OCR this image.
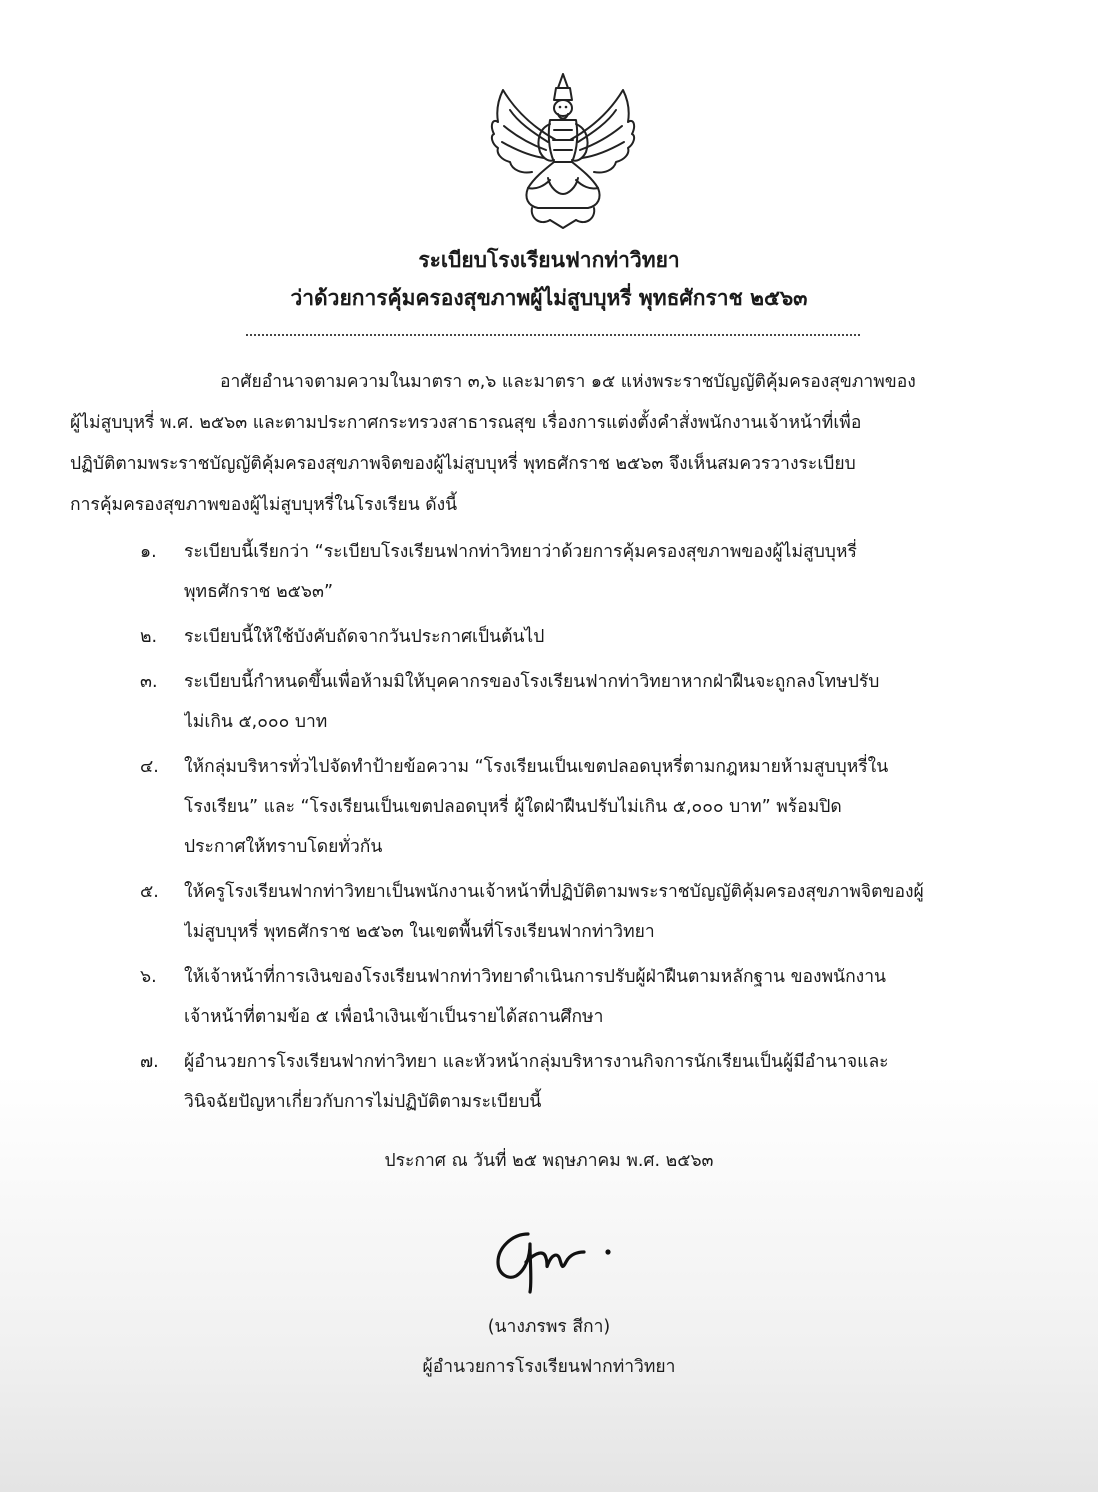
ระเบียบโรงเรียนฟากท่าวิทยา
ว่าด้วยการคุ้มครองสุขภาพผู้ไม่สูบบุหรี่ พุทธศักราช ๒๕๖๓
อาศัยอำนาจตามความในมาตรา ๓,๖ และมาตรา ๑๕ แห่งพระราชบัญญัติคุ้มครองสุขภาพของ
ผู้ไม่สูบบุหรี่ พ.ศ. ๒๕๖๓ และตามประกาศกระทรวงสาธารณสุข เรื่องการแต่งตั้งคำสั่งพนักงานเจ้าหน้าที่เพื่อ
ปฏิบัติตามพระราชบัญญัติคุ้มครองสุขภาพจิตของผู้ไม่สูบบุหรี่ พุทธศักราช ๒๕๖๓ จึงเห็นสมควรวางระเบียบ
การคุ้มครองสุขภาพของผู้ไม่สูบบุหรี่ในโรงเรียน ดังนี้
๑. ระเบียบนี้เรียกว่า “ระเบียบโรงเรียนฟากท่าวิทยาว่าด้วยการคุ้มครองสุขภาพของผู้ไม่สูบบุหรี่
พุทธศักราช ๒๕๖๓”
๒. ระเบียบนี้ให้ใช้บังคับถัดจากวันประกาศเป็นต้นไป
๓. ระเบียบนี้กำหนดขึ้นเพื่อห้ามมิให้บุคคากรของโรงเรียนฟากท่าวิทยาหากฝ่าฝืนจะถูกลงโทษปรับ
ไม่เกิน ๕,๐๐๐ บาท
๔. ให้กลุ่มบริหารทั่วไปจัดทำป้ายข้อความ “โรงเรียนเป็นเขตปลอดบุหรี่ตามกฎหมายห้ามสูบบุหรี่ใน
โรงเรียน” และ “โรงเรียนเป็นเขตปลอดบุหรี่ ผู้ใดฝ่าฝืนปรับไม่เกิน ๕,๐๐๐ บาท” พร้อมปิด
ประกาศให้ทราบโดยทั่วกัน
๕. ให้ครูโรงเรียนฟากท่าวิทยาเป็นพนักงานเจ้าหน้าที่ปฏิบัติตามพระราชบัญญัติคุ้มครองสุขภาพจิตของผู้
ไม่สูบบุหรี่ พุทธศักราช ๒๕๖๓ ในเขตพื้นที่โรงเรียนฟากท่าวิทยา
๖. ให้เจ้าหน้าที่การเงินของโรงเรียนฟากท่าวิทยาดำเนินการปรับผู้ฝ่าฝืนตามหลักฐาน ของพนักงาน
เจ้าหน้าที่ตามข้อ ๕ เพื่อนำเงินเข้าเป็นรายได้สถานศึกษา
๗. ผู้อำนวยการโรงเรียนฟากท่าวิทยา และหัวหน้ากลุ่มบริหารงานกิจการนักเรียนเป็นผู้มีอำนาจและ
วินิจฉัยปัญหาเกี่ยวกับการไม่ปฏิบัติตามระเบียบนี้
ประกาศ ณ วันที่ ๒๕ พฤษภาคม พ.ศ. ๒๕๖๓
(นางภรพร สีกา)
ผู้อำนวยการโรงเรียนฟากท่าวิทยา
